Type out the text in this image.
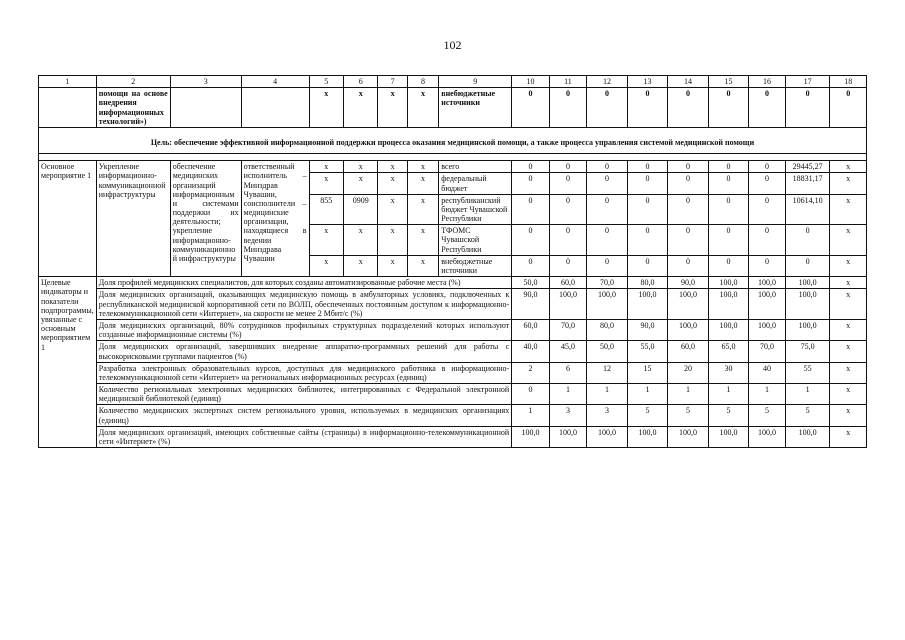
102
1	2	3	4	5	6	7	8	9	10	11	12	13	14	15	16	17	18
	помощи на основе внедрения информационных технологий»)			х	х	х	х	внебюджетные источники	0	0	0	0	0	0	0	0	0
Цель: обеспечение эффективной информационной поддержки процесса оказания медицинской помощи, а также процесса управления системой медицинской помощи																	

Основное мероприятие 1	Укрепление информационно-коммуникационной инфраструктуры	обеспечение медицинских организаций информационными системами поддержки их деятельности; укрепление информационно-коммуникационной инфраструктуры	ответственный исполнитель – Минздрав Чувашии, соисполнители – медицинские организации, находящиеся в ведении Минздрава Чувашии	х	х	х	х	всего	0	0	0	0	0	0	0	29445,27	х
				х	х	х	х	федеральный бюджет	0	0	0	0	0	0	0	18831,17	х
				855	0909	х	х	республиканский бюджет Чувашской Республики	0	0	0	0	0	0	0	10614,10	х
				х	х	х	х	ТФОМС Чувашской Республики	0	0	0	0	0	0	0	0	х
				х	х	х	х	внебюджетные источники	0	0	0	0	0	0	0	0	х
Целевые индикаторы и показатели подпрограммы, увязанные с основным мероприятием 1	Доля профилей медицинских специалистов, для которых созданы автоматизированные рабочие места (%)								50,0	60,0	70,0	80,0	90,0	100,0	100,0	100,0	х
	Доля медицинских организаций, оказывающих медицинскую помощь в амбулаторных условиях, подключенных к республиканской медицинской корпоративной сети по ВОЛП, обеспеченных постоянным доступом к информационно-телекоммуникационной сети «Интернет», на скорости не менее 2 Мбит/с (%)								90,0	100,0	100,0	100,0	100,0	100,0	100,0	100,0	х
	Доля медицинских организаций, 80% сотрудников профильных структурных подразделений которых используют созданные информационные системы (%)								60,0	70,0	80,0	90,0	100,0	100,0	100,0	100,0	х
	Доля медицинских организаций, завершивших внедрение аппаратно-программных решений для работы с высокорисковыми группами пациентов (%)								40,0	45,0	50,0	55,0	60,0	65,0	70,0	75,0	х
	Разработка электронных образовательных курсов, доступных для медицинского работника в информационно-телекоммуникационной сети «Интернет» на региональных информационных ресурсах (единиц)								2	6	12	15	20	30	40	55	х
	Количество региональных электронных медицинских библиотек, интегрированных с Федеральной электронной медицинской библиотекой (единиц)								0	1	1	1	1	1	1	1	х
	Количество медицинских экспертных систем регионального уровня, используемых в медицинских организациях (единиц)								1	3	3	5	5	5	5	5	х
	Доля медицинских организаций, имеющих собственные сайты (страницы) в информационно-телекоммуникационной сети «Интернет» (%)								100,0	100,0	100,0	100,0	100,0	100,0	100,0	100,0	х
